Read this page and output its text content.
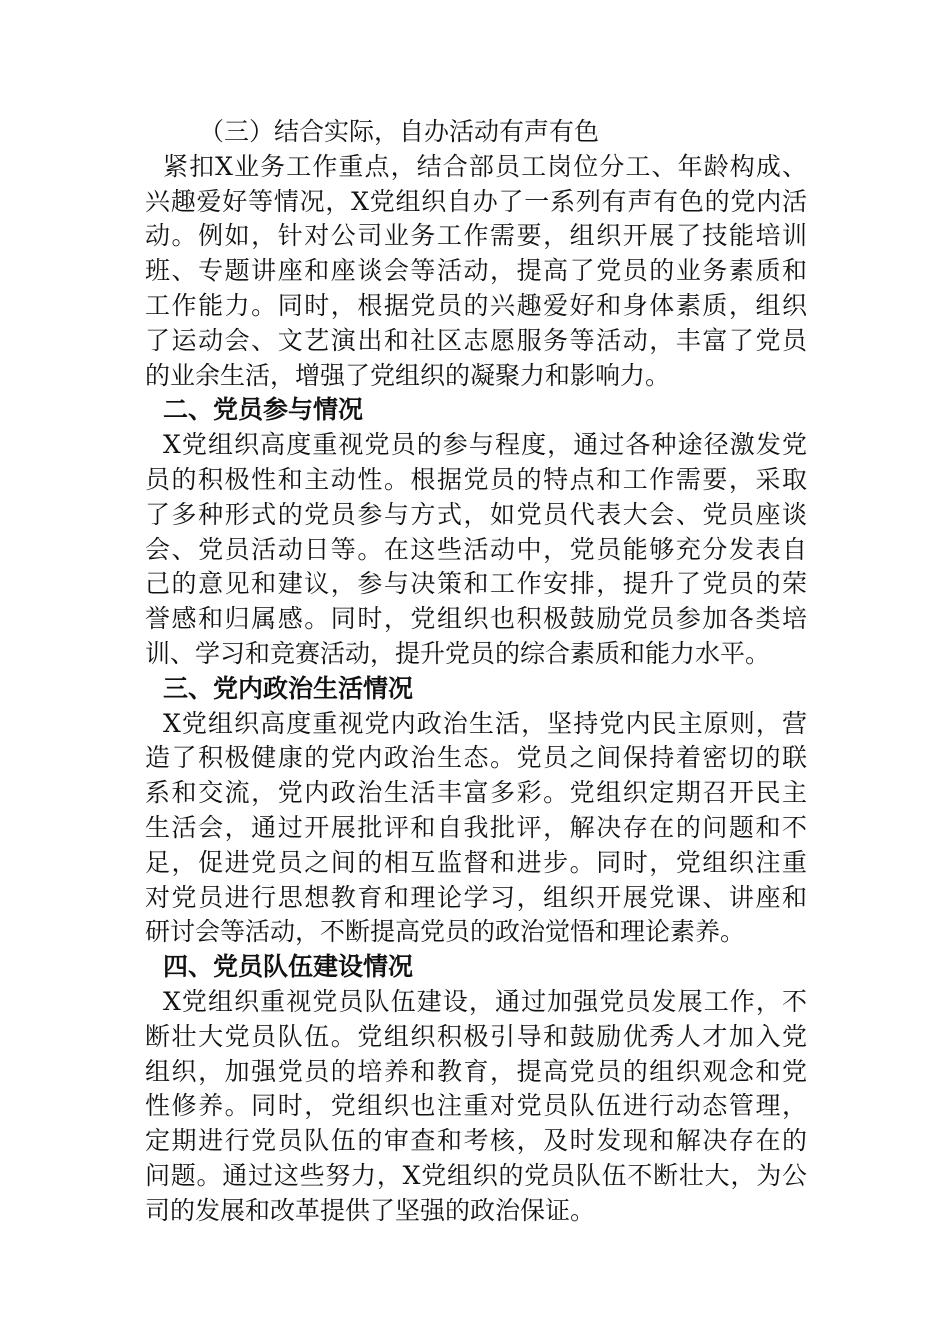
（三）结合实际，自办活动有声有色
紧扣X业务工作重点，结合部员工岗位分工、年龄构成、
兴趣爱好等情况，X党组织自办了一系列有声有色的党内活
动。例如，针对公司业务工作需要，组织开展了技能培训
班、专题讲座和座谈会等活动，提高了党员的业务素质和
工作能力。同时，根据党员的兴趣爱好和身体素质，组织
了运动会、文艺演出和社区志愿服务等活动，丰富了党员
的业余生活，增强了党组织的凝聚力和影响力。
二、党员参与情况
X党组织高度重视党员的参与程度，通过各种途径激发党
员的积极性和主动性。根据党员的特点和工作需要，采取
了多种形式的党员参与方式，如党员代表大会、党员座谈
会、党员活动日等。在这些活动中，党员能够充分发表自
己的意见和建议，参与决策和工作安排，提升了党员的荣
誉感和归属感。同时，党组织也积极鼓励党员参加各类培
训、学习和竞赛活动，提升党员的综合素质和能力水平。
三、党内政治生活情况
X党组织高度重视党内政治生活，坚持党内民主原则，营
造了积极健康的党内政治生态。党员之间保持着密切的联
系和交流，党内政治生活丰富多彩。党组织定期召开民主
生活会，通过开展批评和自我批评，解决存在的问题和不
足，促进党员之间的相互监督和进步。同时，党组织注重
对党员进行思想教育和理论学习，组织开展党课、讲座和
研讨会等活动，不断提高党员的政治觉悟和理论素养。
四、党员队伍建设情况
X党组织重视党员队伍建设，通过加强党员发展工作，不
断壮大党员队伍。党组织积极引导和鼓励优秀人才加入党
组织，加强党员的培养和教育，提高党员的组织观念和党
性修养。同时，党组织也注重对党员队伍进行动态管理，
定期进行党员队伍的审查和考核，及时发现和解决存在的
问题。通过这些努力，X党组织的党员队伍不断壮大，为公
司的发展和改革提供了坚强的政治保证。
